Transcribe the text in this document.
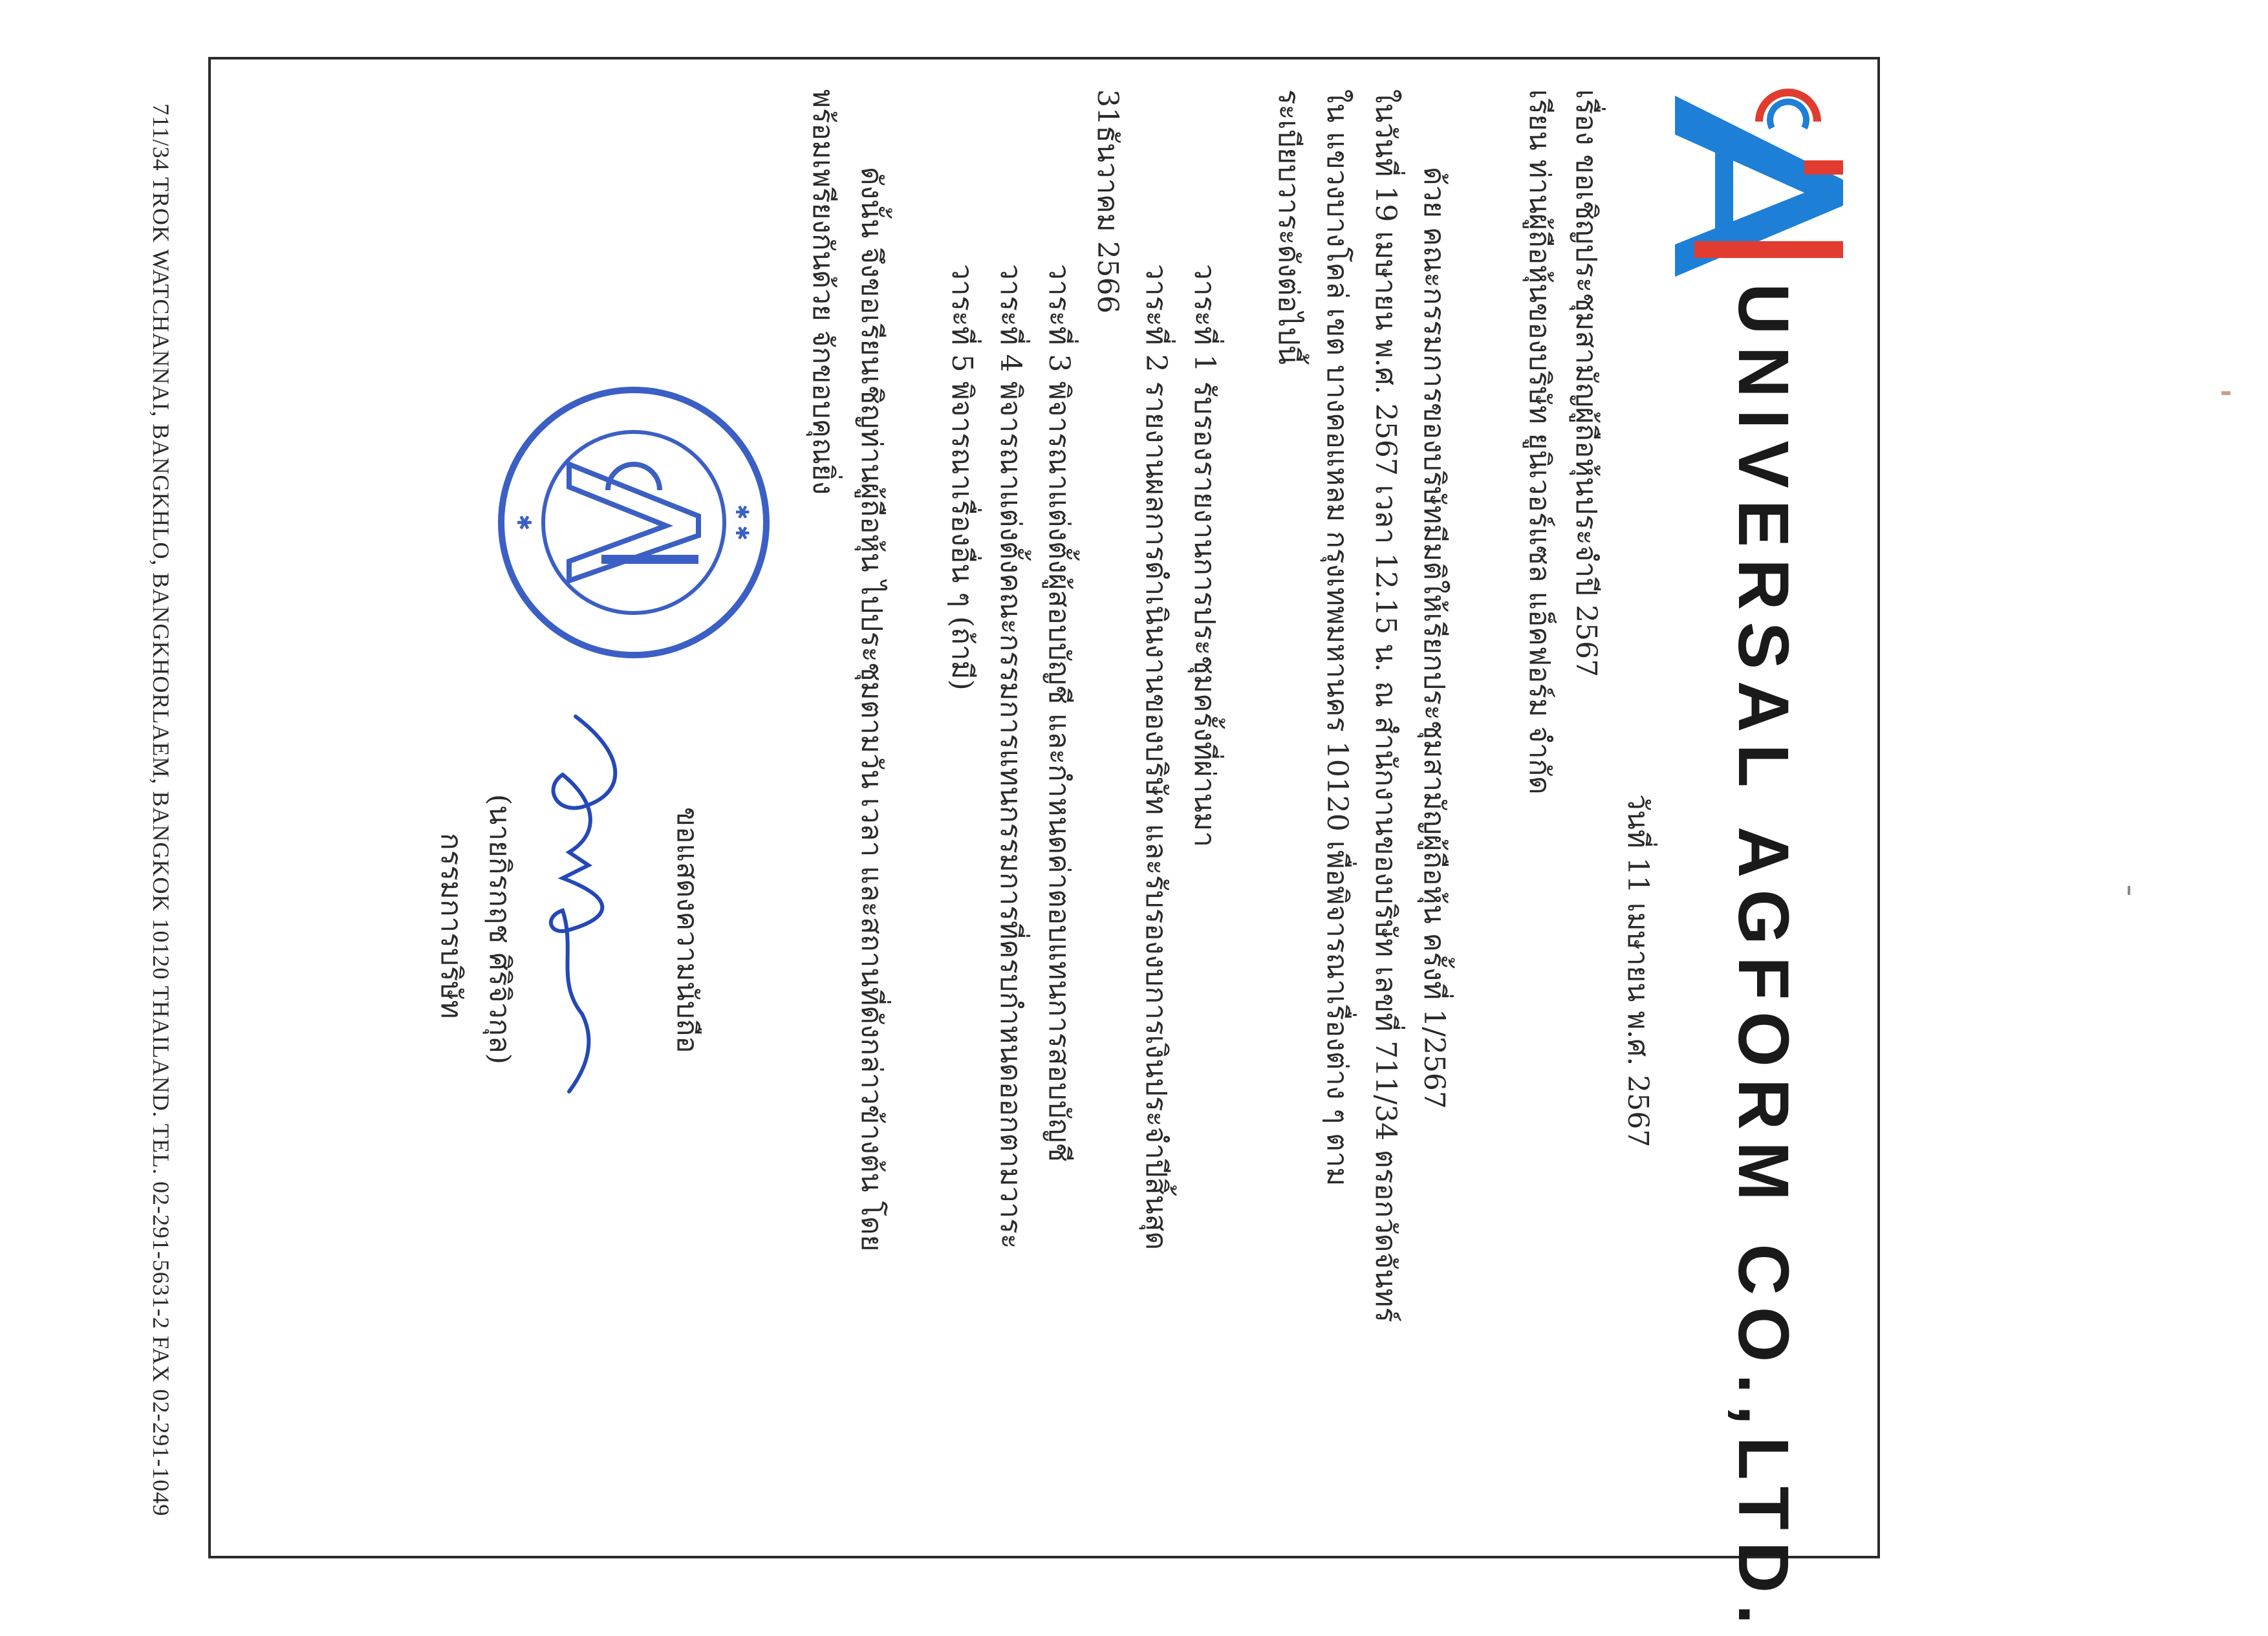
711/34 TROK WATCHANNAI, BANGKHLO, BANGKHORLAEM, BANGKOK 10120 THAILAND. TEL. 02-291-5631-2 FAX 02-291-1049	UNIVERSAL AGFORM CO.,LTD.
วันที่ 11 เมษายน พ.ศ. 2567
เรื่อง ขอเชิญประชุมสามัญผู้ถือหุ้นประจำปี 2567
เรียน ท่านผู้ถือหุ้นของบริษัท ยูนิเวอร์แซล แอ็คฟอร์ม จำกัด
ด้วย คณะกรรมการของบริษัทมีมติให้เรียกประชุมสามัญผู้ถือหุ้น ครั้งที่ 1/2567
ในวันที่ 19 เมษายน พ.ศ. 2567 เวลา 12.15 น. ณ สำนักงานของบริษัท เลขที่ 711/34 ตรอกวัดจันทร์
ใน แขวงบางโคล่ เขต บางคอแหลม กรุงเทพมหานคร 10120 เพื่อพิจารณาเรื่องต่าง ๆ ตาม
ระเบียบวาระดังต่อไปนี้
วาระที่ 1 รับรองรายงานการประชุมครั้งที่ผ่านมา
วาระที่ 2 รายงานผลการดำเนินงานของบริษัท และรับรองงบการเงินประจำปีสิ้นสุด
31ธันวาคม 2566
วาระที่ 3 พิจารณาแต่งตั้งผู้สอบบัญชี และกำหนดค่าตอบแทนการสอบบัญชี
วาระที่ 4 พิจารณาแต่งตั้งคณะกรรมการแทนกรรมการที่ครบกำหนดออกตามวาระ
วาระที่ 5 พิจารณาเรื่องอื่น ๆ (ถ้ามี)
ดังนั้น จึงขอเรียนเชิญท่านผู้ถือหุ้น ไปประชุมตามวัน เวลา และสถานที่ดังกล่าวข้างต้น โดย
พร้อมเพรียงกันด้วย จักขอบคุณยิ่ง
ขอแสดงความนับถือ
✱ ✱
✱
(นายกิรกฤช ศิริจิวกุล)
กรรมการบริษัท
